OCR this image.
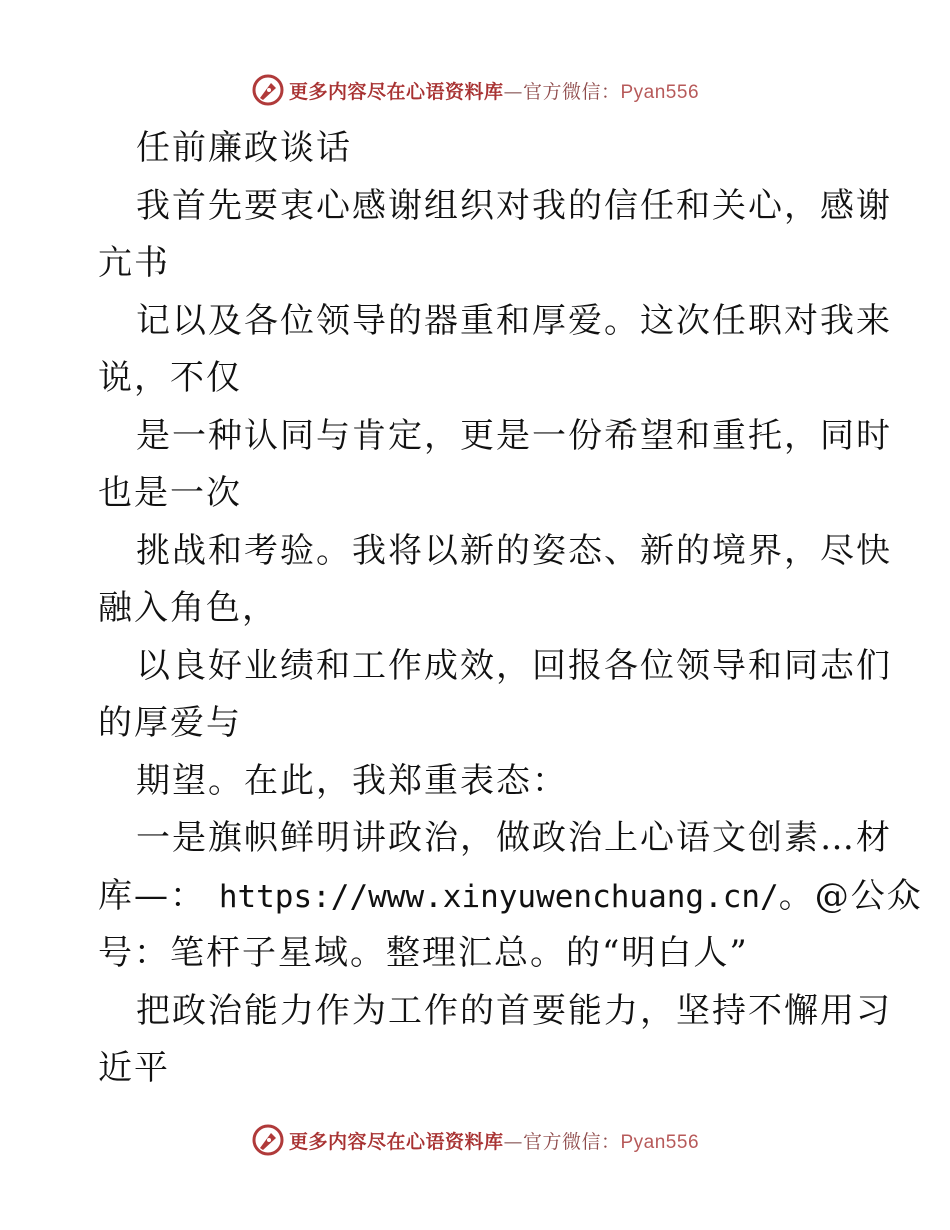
更多内容尽在心语资料库—官方微信：Pyan556
任前廉政谈话
我首先要衷心感谢组织对我的信任和关心，感谢
亢书
记以及各位领导的器重和厚爱。这次任职对我来
说，不仅
是一种认同与肯定，更是一份希望和重托，同时
也是一次
挑战和考验。我将以新的姿态、新的境界，尽快
融入角色，
以良好业绩和工作成效，回报各位领导和同志们
的厚爱与
期望。在此，我郑重表态：
一是旗帜鲜明讲政治，做政治上心语文创素…材
库—： https://www.xinyuwenchuang.cn/。@公众
号：笔杆子星域。整理汇总。的“明白人”
把政治能力作为工作的首要能力，坚持不懈用习
近平
更多内容尽在心语资料库—官方微信：Pyan556
